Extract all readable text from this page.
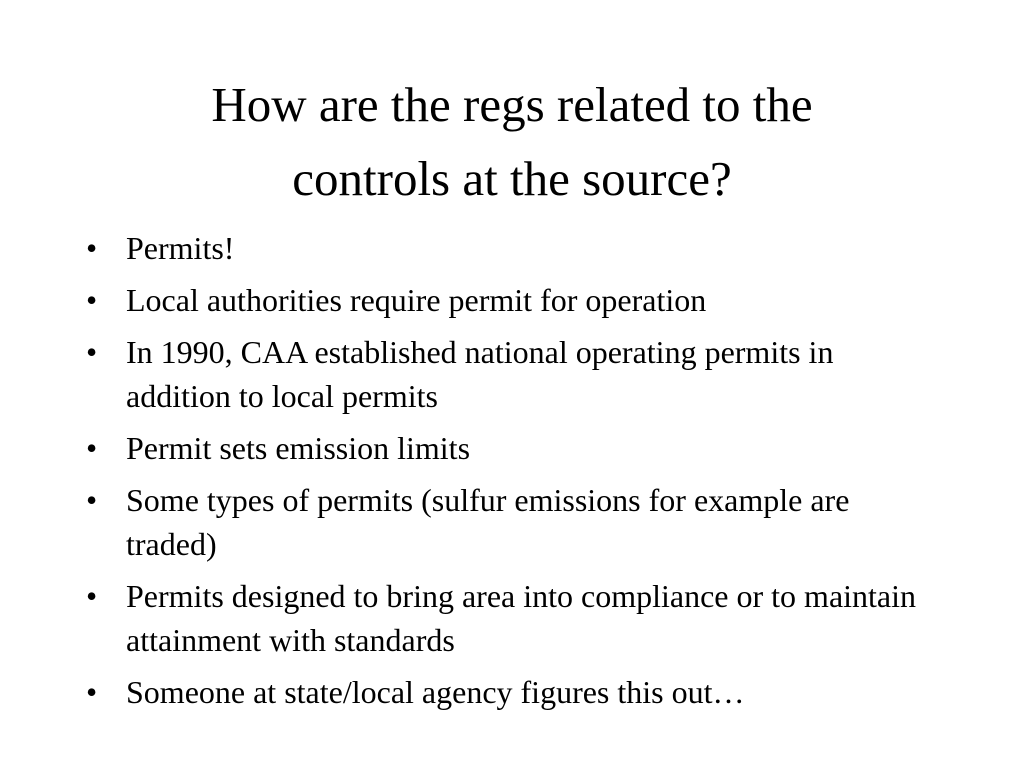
How are the regs related to the
controls at the source?
• Permits!
• Local authorities require permit for operation
• In 1990, CAA established national operating permits in addition to local permits
• Permit sets emission limits
• Some types of permits (sulfur emissions for example are traded)
• Permits designed to bring area into compliance or to maintain attainment with standards
• Someone at state/local agency figures this out…
